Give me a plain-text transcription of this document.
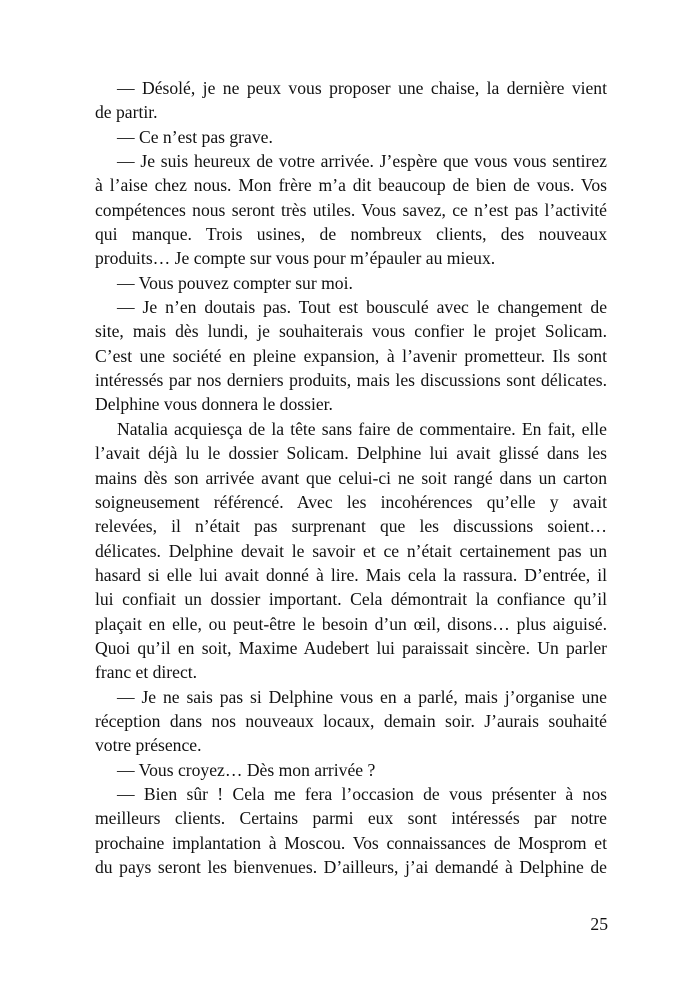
— Désolé, je ne peux vous proposer une chaise, la dernière vient
de partir.
— Ce n’est pas grave.
— Je suis heureux de votre arrivée. J’espère que vous vous sentirez
à l’aise chez nous. Mon frère m’a dit beaucoup de bien de vous. Vos
compétences nous seront très utiles. Vous savez, ce n’est pas l’activité
qui manque. Trois usines, de nombreux clients, des nouveaux
produits… Je compte sur vous pour m’épauler au mieux.
— Vous pouvez compter sur moi.
— Je n’en doutais pas. Tout est bousculé avec le changement de
site, mais dès lundi, je souhaiterais vous confier le projet Solicam.
C’est une société en pleine expansion, à l’avenir prometteur. Ils sont
intéressés par nos derniers produits, mais les discussions sont délicates.
Delphine vous donnera le dossier.
Natalia acquiesça de la tête sans faire de commentaire. En fait, elle
l’avait déjà lu le dossier Solicam. Delphine lui avait glissé dans les
mains dès son arrivée avant que celui-ci ne soit rangé dans un carton
soigneusement référencé. Avec les incohérences qu’elle y avait
relevées, il n’était pas surprenant que les discussions soient…
délicates. Delphine devait le savoir et ce n’était certainement pas un
hasard si elle lui avait donné à lire. Mais cela la rassura. D’entrée, il
lui confiait un dossier important. Cela démontrait la confiance qu’il
plaçait en elle, ou peut-être le besoin d’un œil, disons… plus aiguisé.
Quoi qu’il en soit, Maxime Audebert lui paraissait sincère. Un parler
franc et direct.
— Je ne sais pas si Delphine vous en a parlé, mais j’organise une
réception dans nos nouveaux locaux, demain soir. J’aurais souhaité
votre présence.
— Vous croyez… Dès mon arrivée ?
— Bien sûr ! Cela me fera l’occasion de vous présenter à nos
meilleurs clients. Certains parmi eux sont intéressés par notre
prochaine implantation à Moscou. Vos connaissances de Mosprom et
du pays seront les bienvenues. D’ailleurs, j’ai demandé à Delphine de
25
